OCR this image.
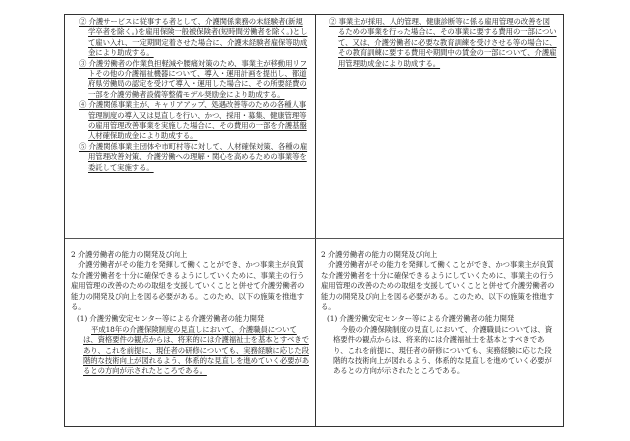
② 介護サービスに従事する者として、介護関係業務の未経験者(新規学卒者を除く。)を雇用保険一般被保険者(短時間労働者を除く。)として雇い入れ、一定期間定着させた場合に、介護未経験者雇保等助成金により助成する。

③ 介護労働者の作業負担軽減や腰痛対策のため、事業主が移動用リフトその他の介護福祉機器について、導入・運用計画を提出し、都道府県労働局の認定を受けて導入・運用した場合に、その所要経費の一部を介護労働者設備等整備モデル奨励金により助成する。

④ 介護関係事業主が、キャリアアップ、処遇改善等のための各種人事管理制度の導入又は見直しを行い、かつ、採用・募集、健康管理等の雇用管理改善事業を実施した場合に、その費用の一部を介護基盤人材確保助成金により助成する。

⑤ 介護関係事業主団体や市町村等に対して、人材確保対策、各種の雇用管理改善対策、介護労働への理解・関心を高めるための事業等を委託して実施する。

② 事業主が採用、人的管理、健康診断等に係る雇用管理の改善を図るための事業を行った場合に、その事業に要する費用の一部について、又は、介護労働者に必要な教育訓練を受けさせる等の場合に、その教育訓練に要する費用や期間中の賃金の一部について、介護雇用管理助成金により助成する。

2 介護労働者の能力の開発及び向上

介護労働者がその能力を発揮して働くことができ、かつ事業主が良質な介護労働者を十分に確保できるようにしていくために、事業主の行う雇用管理の改善のための取組を支援していくことと併せて介護労働者の能力の開発及び向上を図る必要がある。このため、以下の施策を推進する。

(1) 介護労働安定センター等による介護労働者の能力開発

平成18年の介護保険制度の見直しにおいて、介護職員については、資格要件の観点からは、将来的には介護福祉士を基本とすべきであり、これを前提に、現任者の研修についても、実務経験に応じた段階的な技術向上が図れるよう、体系的な見直しを進めていく必要があるとの方向が示されたところである。

2 介護労働者の能力の開発及び向上

介護労働者がその能力を発揮して働くことができ、かつ事業主が良質な介護労働者を十分に確保できるようにしていくために、事業主の行う雇用管理の改善のための取組を支援していくことと併せて介護労働者の能力の開発及び向上を図る必要がある。このため、以下の施策を推進する。

(1) 介護労働安定センター等による介護労働者の能力開発

今般の介護保険制度の見直しにおいて、介護職員については、資格要件の観点からは、将来的には介護福祉士を基本とすべきであり、これを前提に、現任者の研修についても、実務経験に応じた段階的な技術向上が図れるよう、体系的な見直しを進めていく必要があるとの方向が示されたところである。
